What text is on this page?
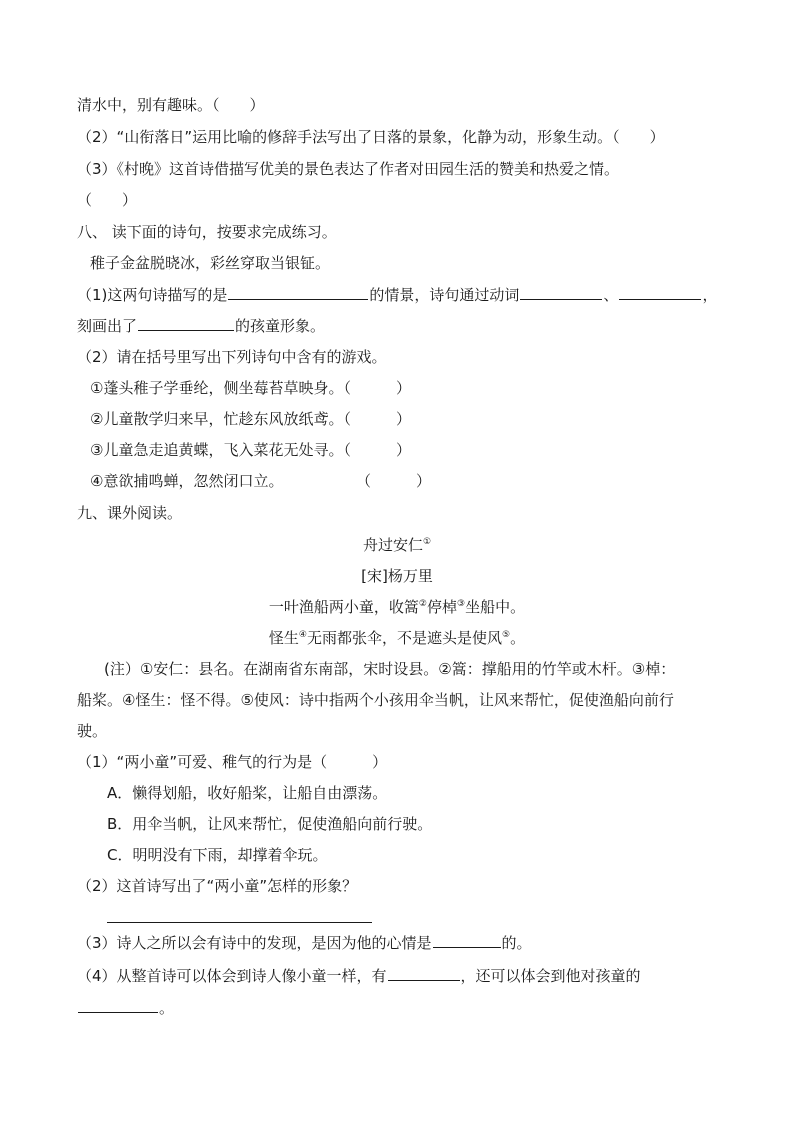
清水中，别有趣味。（　　）
（2）“山衔落日”运用比喻的修辞手法写出了日落的景象，化静为动，形象生动。（　　）
（3）《村晚》这首诗借描写优美的景色表达了作者对田园生活的赞美和热爱之情。
（　　）
八、 读下面的诗句，按要求完成练习。
稚子金盆脱晓冰，彩丝穿取当银钲。
（1)这两句诗描写的是	的情景，诗句通过动词	、	，
刻画出了	的孩童形象。
（2）请在括号里写出下列诗句中含有的游戏。
①蓬头稚子学垂纶，侧坐莓苔草映身。（　　　）
②儿童散学归来早，忙趁东风放纸鸢。（　　　）
③儿童急走追黄蝶，飞入菜花无处寻。（　　　）
④意欲捕鸣蝉，忽然闭口立。	（　　　）
九、课外阅读。
舟过安仁①
[宋]杨万里
一叶渔船两小童，收篙②停棹③坐船中。
怪生④无雨都张伞，不是遮头是使风⑤。
(注）①安仁：县名。在湖南省东南部，宋时设县。②篙：撑船用的竹竿或木杆。③棹：
船桨。④怪生：怪不得。⑤使风：诗中指两个小孩用伞当帆，让风来帮忙，促使渔船向前行
驶。
（1）“两小童”可爱、稚气的行为是（　　　）
A．懒得划船，收好船桨，让船自由漂荡。
B．用伞当帆，让风来帮忙，促使渔船向前行驶。
C．明明没有下雨，却撑着伞玩。
（2）这首诗写出了“两小童”怎样的形象？
（3）诗人之所以会有诗中的发现，是因为他的心情是	的。
（4）从整首诗可以体会到诗人像小童一样，有	，还可以体会到他对孩童的
。
